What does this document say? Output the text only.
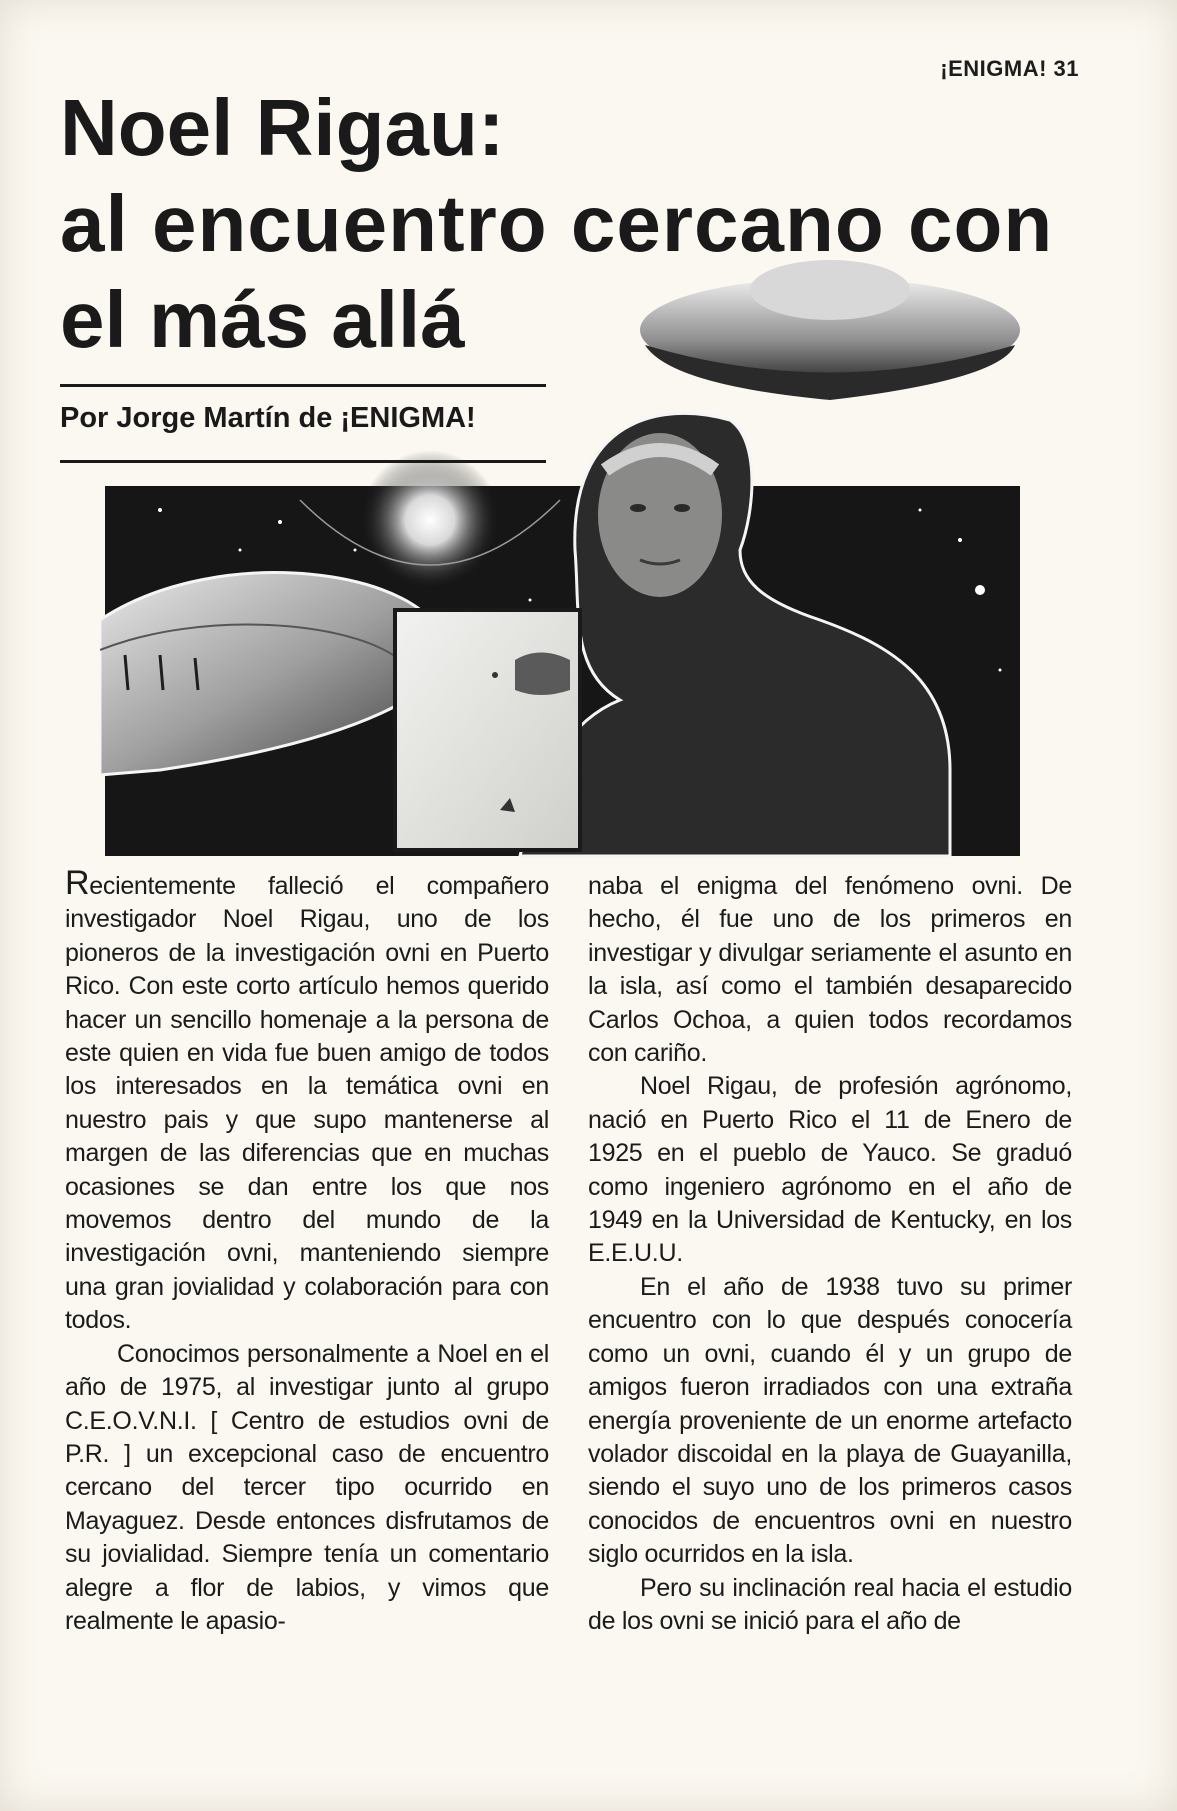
¡ENIGMA! 31
Noel Rigau:
al encuentro cercano con
el más allá
Por Jorge Martín de ¡ENIGMA!

Recientemente falleció el compañero investigador Noel Rigau, uno de los pioneros de la investigación ovni en Puerto Rico. Con este corto artículo hemos querido hacer un sencillo homenaje a la persona de este quien en vida fue buen amigo de todos los interesados en la temática ovni en nuestro pais y que supo mantenerse al margen de las diferencias que en muchas ocasiones se dan entre los que nos movemos dentro del mundo de la investigación ovni, manteniendo siempre una gran jovialidad y colaboración para con todos.

Conocimos personalmente a Noel en el año de 1975, al investigar junto al grupo C.E.O.V.N.I. [ Centro de estudios ovni de P.R. ] un excepcional caso de encuentro cercano del tercer tipo ocurrido en Mayaguez. Desde entonces disfrutamos de su jovialidad. Siempre tenía un comentario alegre a flor de labios, y vimos que realmente le apasio-

naba el enigma del fenómeno ovni. De hecho, él fue uno de los primeros en investigar y divulgar seriamente el asunto en la isla, así como el también desaparecido Carlos Ochoa, a quien todos recordamos con cariño.

Noel Rigau, de profesión agrónomo, nació en Puerto Rico el 11 de Enero de 1925 en el pueblo de Yauco. Se graduó como ingeniero agrónomo en el año de 1949 en la Universidad de Kentucky, en los E.E.U.U.

En el año de 1938 tuvo su primer encuentro con lo que después conocería como un ovni, cuando él y un grupo de amigos fueron irradiados con una extraña energía proveniente de un enorme artefacto volador discoidal en la playa de Guayanilla, siendo el suyo uno de los primeros casos conocidos de encuentros ovni en nuestro siglo ocurridos en la isla.

Pero su inclinación real hacia el estudio de los ovni se inició para el año de
